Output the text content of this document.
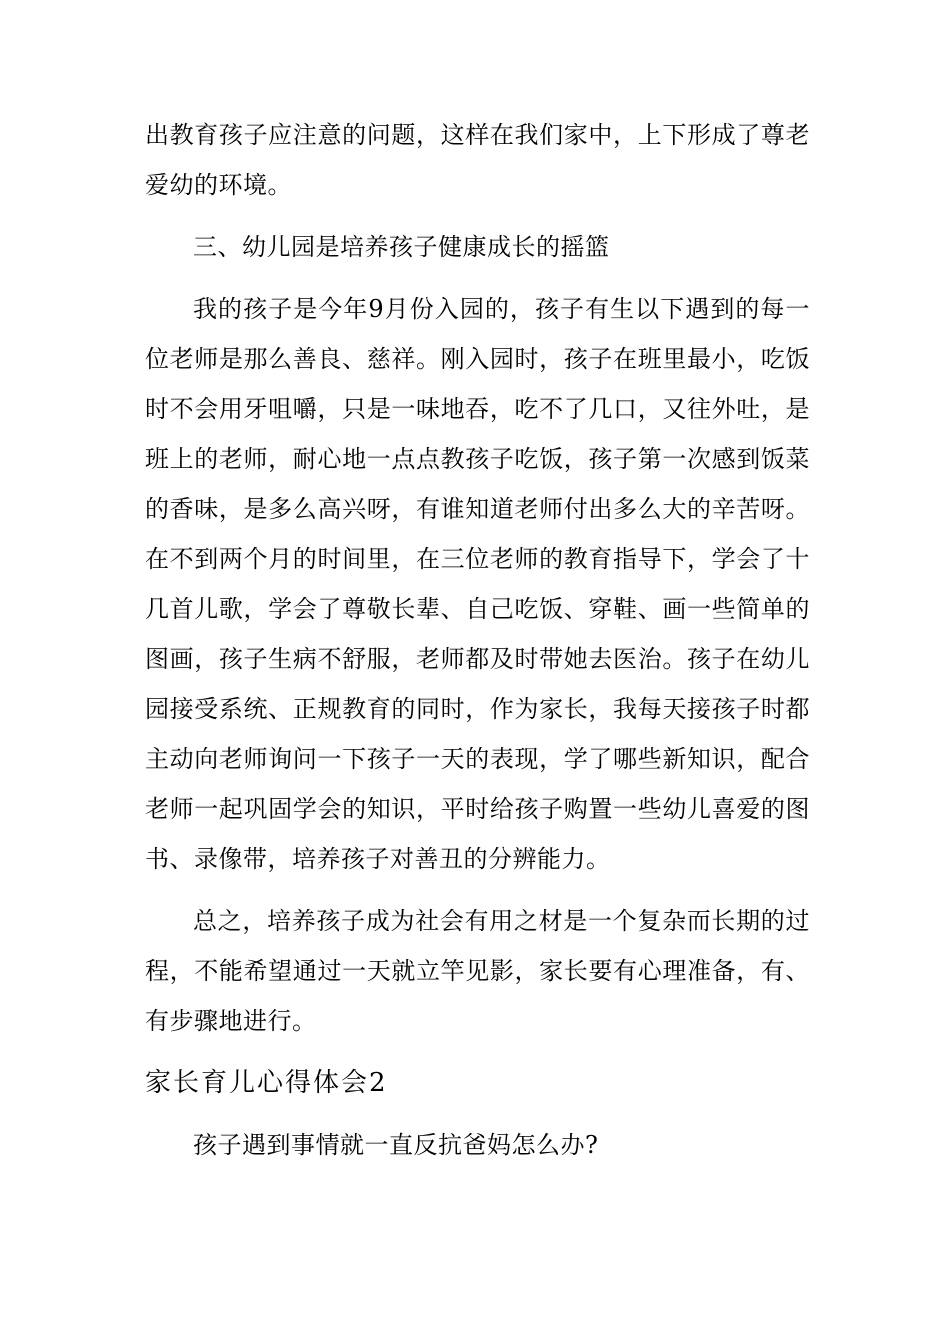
出教育孩子应注意的问题，这样在我们家中，上下形成了尊老爱幼的环境。

三、幼儿园是培养孩子健康成长的摇篮

我的孩子是今年9月份入园的，孩子有生以下遇到的每一位老师是那么善良、慈祥。刚入园时，孩子在班里最小，吃饭时不会用牙咀嚼，只是一味地吞，吃不了几口，又往外吐，是班上的老师，耐心地一点点教孩子吃饭，孩子第一次感到饭菜的香味，是多么高兴呀，有谁知道老师付出多么大的辛苦呀。在不到两个月的时间里，在三位老师的教育指导下，学会了十几首儿歌，学会了尊敬长辈、自己吃饭、穿鞋、画一些简单的图画，孩子生病不舒服，老师都及时带她去医治。孩子在幼儿园接受系统、正规教育的同时，作为家长，我每天接孩子时都主动向老师询问一下孩子一天的表现，学了哪些新知识，配合老师一起巩固学会的知识，平时给孩子购置一些幼儿喜爱的图书、录像带，培养孩子对善丑的分辨能力。

总之，培养孩子成为社会有用之材是一个复杂而长期的过程，不能希望通过一天就立竿见影，家长要有心理准备，有、有步骤地进行。

家长育儿心得体会2

孩子遇到事情就一直反抗爸妈怎么办?
